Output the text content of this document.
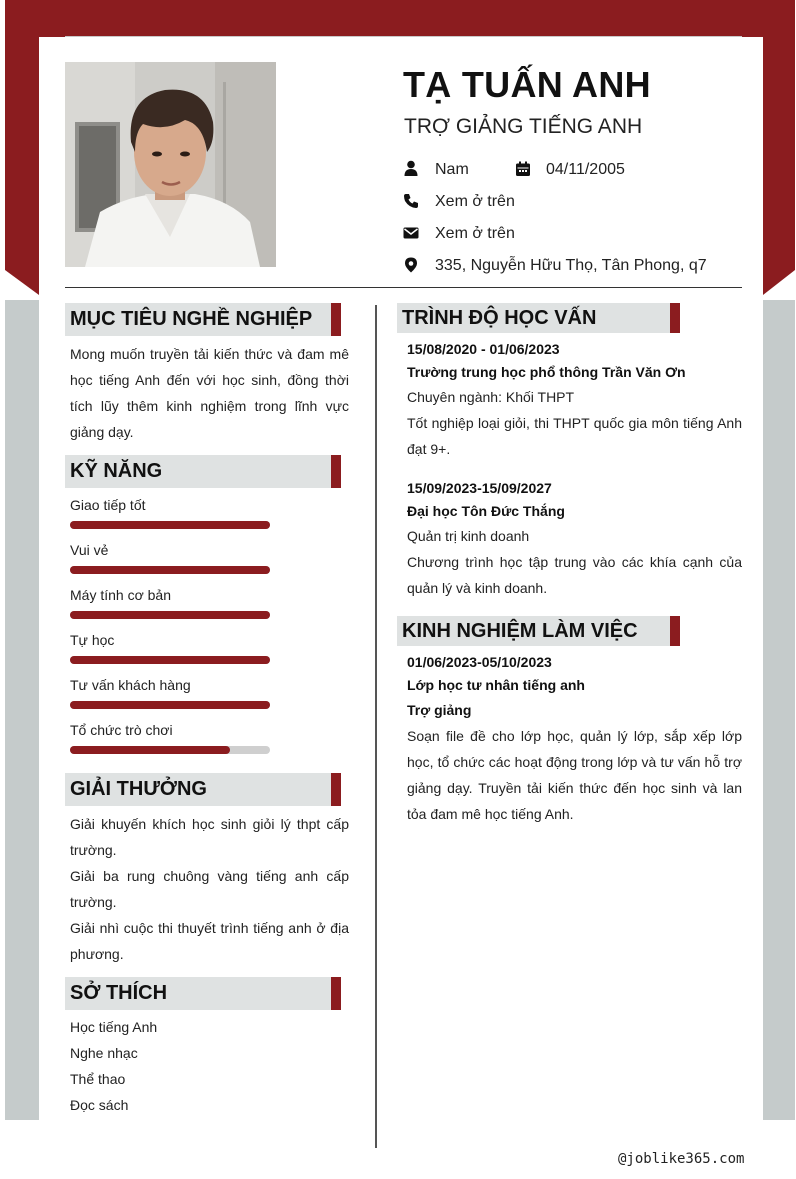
TẠ TUẤN ANH
TRỢ GIẢNG TIẾNG ANH
Nam	04/11/2005
Xem ở trên
Xem ở trên
335, Nguyễn Hữu Thọ, Tân Phong, q7
MỤC TIÊU NGHỀ NGHIỆP
Mong muốn truyền tải kiến thức và đam mê học tiếng Anh đến với học sinh, đồng thời tích lũy thêm kinh nghiệm trong lĩnh vực giảng dạy.
KỸ NĂNG
Giao tiếp tốt
Vui vẻ
Máy tính cơ bản
Tự học
Tư vấn khách hàng
Tổ chức trò chơi
GIẢI THƯỞNG
Giải khuyến khích học sinh giỏi lý thpt cấp trường.
Giải ba rung chuông vàng tiếng anh cấp trường.
Giải nhì cuộc thi thuyết trình tiếng anh ở địa phương.
SỞ THÍCH
Học tiếng Anh
Nghe nhạc
Thể thao
Đọc sách
TRÌNH ĐỘ HỌC VẤN
15/08/2020 - 01/06/2023
Trường trung học phổ thông Trần Văn Ơn
Chuyên ngành: Khối THPT
Tốt nghiệp loại giỏi, thi THPT quốc gia môn tiếng Anh đạt 9+.
15/09/2023-15/09/2027
Đại học Tôn Đức Thắng
Quản trị kinh doanh
Chương trình học tập trung vào các khía cạnh của quản lý và kinh doanh.
KINH NGHIỆM LÀM VIỆC
01/06/2023-05/10/2023
Lớp học tư nhân tiếng anh
Trợ giảng
Soạn file đề cho lớp học, quản lý lớp, sắp xếp lớp học, tổ chức các hoạt động trong lớp và tư vấn hỗ trợ giảng dạy. Truyền tải kiến thức đến học sinh và lan tỏa đam mê học tiếng Anh.
@joblike365.com
